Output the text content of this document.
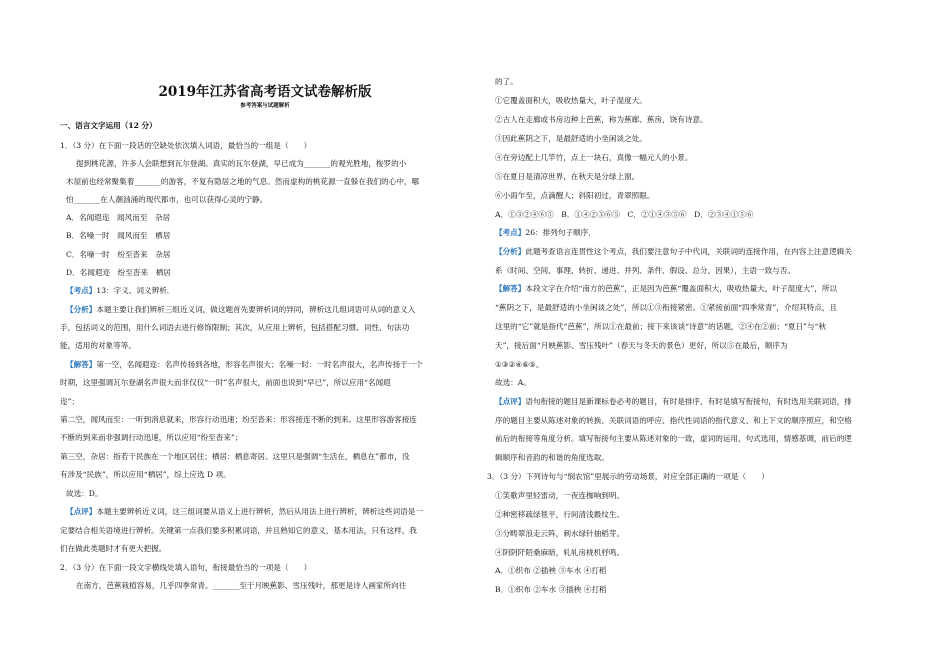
2019年江苏省高考语文试卷解析版
参考答案与试题解析
一、语言文字运用（12 分）
1．（3 分）在下面一段话的空缺处依次填入词语，最恰当的一组是（　　）
提到桃花源，许多人会联想到瓦尔登湖。真实的瓦尔登湖，早已成为_______的观光胜地，梭罗的小
木屋前也经常聚集着_______的游客，不复有隐居之地的气息。然而虚构的桃花源一直躲在我们的心中，哪
怕_______在人潮汹涌的现代都市，也可以获得心灵的宁静。
A．名闻遐迩　闻风而至　杂居
B．名噪一时　闻风而至　栖居
C．名噪一时　纷至沓来　杂居
D．名闻遐迩　纷至沓来　栖居
【考点】13：字义、词义辨析．
【分析】本题主要让我们辨析三组近义词，做这题首先要辨析词的异同，辨析这几组词语可从词的意义入
手，包括词义的范围，用什么词语去进行修饰限制；其次，从应用上辨析，包括搭配习惯、词性、句法功
能，适用的对象等等。
【解答】第一空，名闻遐迩：名声传扬到各地，形容名声很大；名噪一时：一时名声很大，名声传扬于一个
时期，这里强调瓦尔登湖名声很大而非仅仅“一时”名声很大，前面也说到“早已”，所以应用“名闻遐
迩”；
第二空，闻风而至：一听到消息就来，形容行动迅速；纷至沓来：形容接连不断的到来。这里形容游客接连
不断的到来而非强调行动迅速，所以应用“纷至沓来”；
第三空，杂居：指若干民族在一个地区居住；栖居：栖息寄居。这里只是强调“生活在，栖息在”都市，没
有涉及“民族”，所以应用“栖居”，综上应选 D 项。
故选：D。
【点评】本题主要辨析近义词，这三组词要从语义上进行辨析，然后从用法上进行辨析，辨析这些词语是一
定要结合相关语境进行辨析。关键第一点我们要多积累词语，并且熟知它的意义，基本用法，只有这样，我
们在做此类题时才有更大把握。
2．（3 分）在下面一段文字横线处填入语句，衔接最恰当的一项是（　　）
在南方，芭蕉栽植容易，几乎四季常青。_______至于月映蕉影、雪压残叶，那更是诗人画家所向往
的了。
①它覆盖面积大，吸收热量大，叶子湿度大。
②古人在走廊或书房边种上芭蕉，称为蕉廊、蕉房，饶有诗意。
③因此蕉阴之下，是最舒适的小坐闲谈之处。
④在旁边配上几竿竹，点上一块石，真像一幅元人的小景。
⑤在夏日是清凉世界，在秋天是分绿上窗。
⑥小雨乍至，点滴醒人；斜阳初过，青翠照眼。
A．①③②④⑥⑤　B．①④②③⑥⑤　C．②①④③⑤⑥　D．②③④①⑤⑥
【考点】26：排列句子顺序．
【分析】此题考查语言连贯性这个考点，我们要注意句子中代词，关联词的连接作用，在内容上注意逻辑关
系（时间、空间、事理、转折、递进、并列、条件、假设、总分，因果），主语一致与否。
【解答】本段文字在介绍“南方的芭蕉”，正是因为芭蕉“覆盖面积大，吸收热量大，叶子湿度大”，所以
“蕉阴之下，是最舒适的小坐闲谈之处”，所以①③衔接紧密。①紧接前面“四季常青”，介绍其特点，且
这里的“它”就是指代“芭蕉”，所以①在最前；接下来该谈“诗意”的话题，②④在②前；“夏日”与“秋
天”，接后面“月映蕉影、雪压残叶”（春天与冬天的景色）更好，所以⑤在最后，顺序为
①③②④⑥⑤。
故选：A。
【点评】语句衔接的题目是新课标卷必考的题目，有时是排序，有时是填写衔接句，有时选用关联词语，排
序的题目主要从陈述对象的转换、关联词语的呼应、指代性词语的指代意义、和上下文的顺序照应，和空格
前后的衔接等角度分析。填写衔接句主要从陈述对象的一致，虚词的运用，句式选用，情感基调，前后的逻
辑顺序和音韵的和谐的角度选取。
3．（3 分）下列诗句与“悯农馆”里展示的劳动场景，对应全部正确的一项是（　　）
①笑歌声里轻雷动，一夜连枷响到明。
②种密移疏绿毯平，行间清浅縠纹生。
③分畴翠浪走云阵，刺水绿针抽稻芽。
④阴阴阡陌桑麻暗，轧轧房栊机杼鸣。
A．①织布 ②插秧 ③车水 ④打稻
B．①织布 ②车水 ③插秧 ④打稻
